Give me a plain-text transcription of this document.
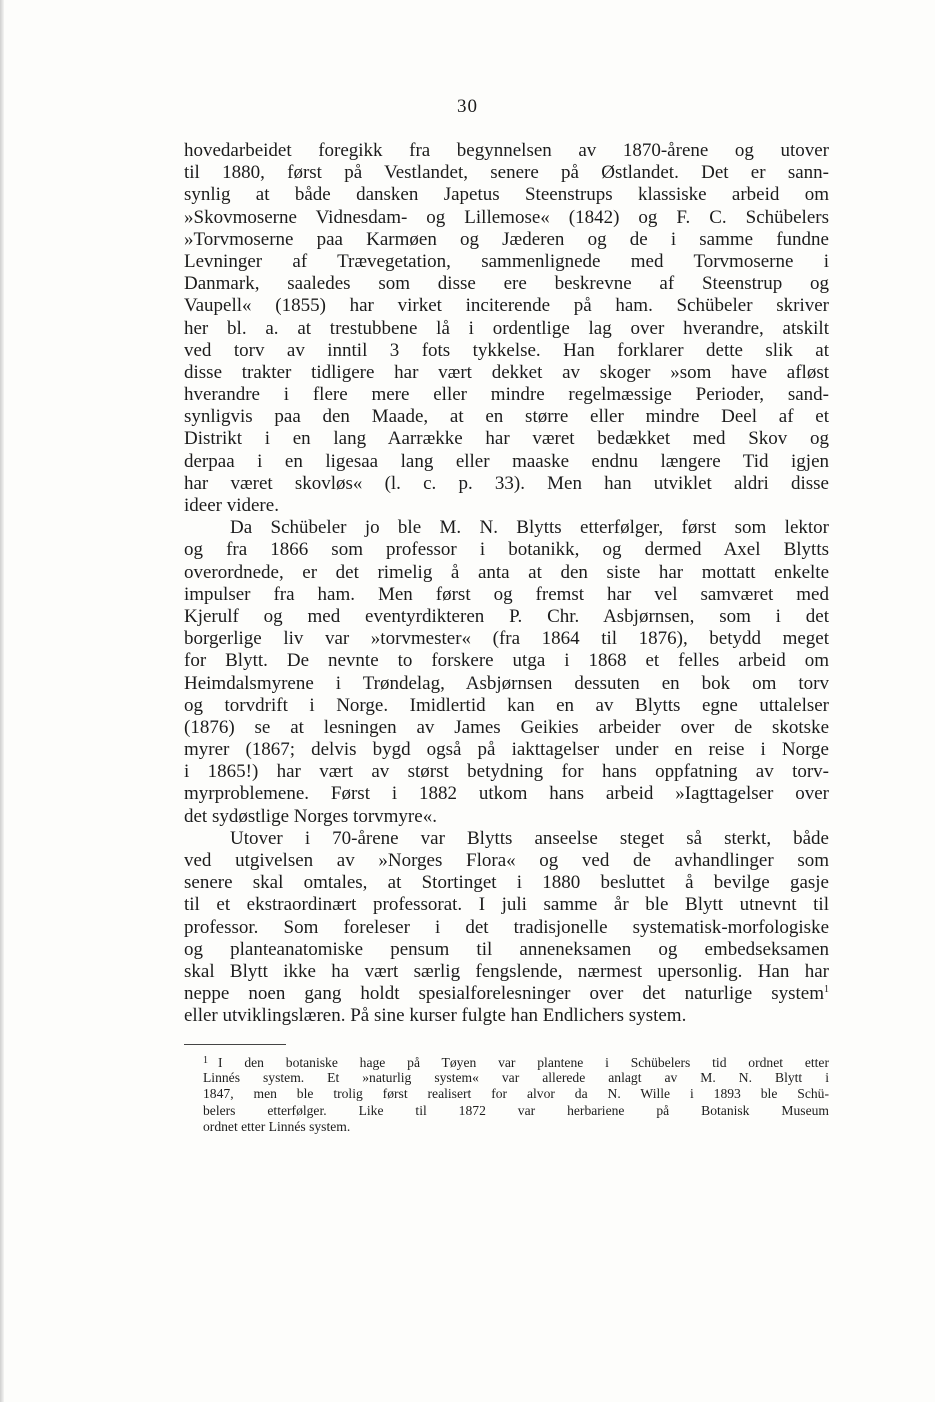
30
hovedarbeidet foregikk fra begynnelsen av 1870-årene og utover
til 1880, først på Vestlandet, senere på Østlandet. Det er sann-
synlig at både dansken Japetus Steenstrups klassiske arbeid om
»Skovmoserne Vidnesdam- og Lillemose« (1842) og F. C. Schübelers
»Torvmoserne paa Karmøen og Jæderen og de i samme fundne
Levninger af Trævegetation, sammenlignede med Torvmoserne i
Danmark, saaledes som disse ere beskrevne af Steenstrup og
Vaupell« (1855) har virket inciterende på ham. Schübeler skriver
her bl. a. at trestubbene lå i ordentlige lag over hverandre, atskilt
ved torv av inntil 3 fots tykkelse. Han forklarer dette slik at
disse trakter tidligere har vært dekket av skoger »som have afløst
hverandre i flere mere eller mindre regelmæssige Perioder, sand-
synligvis paa den Maade, at en større eller mindre Deel af et
Distrikt i en lang Aarrække har været bedækket med Skov og
derpaa i en ligesaa lang eller maaske endnu længere Tid igjen
har været skovløs« (l. c. p. 33). Men han utviklet aldri disse
ideer videre.
Da Schübeler jo ble M. N. Blytts etterfølger, først som lektor
og fra 1866 som professor i botanikk, og dermed Axel Blytts
overordnede, er det rimelig å anta at den siste har mottatt enkelte
impulser fra ham. Men først og fremst har vel samværet med
Kjerulf og med eventyrdikteren P. Chr. Asbjørnsen, som i det
borgerlige liv var »torvmester« (fra 1864 til 1876), betydd meget
for Blytt. De nevnte to forskere utga i 1868 et felles arbeid om
Heimdalsmyrene i Trøndelag, Asbjørnsen dessuten en bok om torv
og torvdrift i Norge. Imidlertid kan en av Blytts egne uttalelser
(1876) se at lesningen av James Geikies arbeider over de skotske
myrer (1867; delvis bygd også på iakttagelser under en reise i Norge
i 1865!) har vært av størst betydning for hans oppfatning av torv-
myrproblemene. Først i 1882 utkom hans arbeid »Iagttagelser over
det sydøstlige Norges torvmyre«.
Utover i 70-årene var Blytts anseelse steget så sterkt, både
ved utgivelsen av »Norges Flora« og ved de avhandlinger som
senere skal omtales, at Stortinget i 1880 besluttet å bevilge gasje
til et ekstraordinært professorat. I juli samme år ble Blytt utnevnt til
professor. Som foreleser i det tradisjonelle systematisk-morfologiske
og planteanatomiske pensum til anneneksamen og embedseksamen
skal Blytt ikke ha vært særlig fengslende, nærmest upersonlig. Han har
neppe noen gang holdt spesialforelesninger over det naturlige system$^1$
eller utviklingslæren. På sine kurser fulgte han Endlichers system.
$^1$ I den botaniske hage på Tøyen var plantene i Schübelers tid ordnet etter
Linnés system. Et »naturlig system« var allerede anlagt av M. N. Blytt i
1847, men ble trolig først realisert for alvor da N. Wille i 1893 ble Schü-
belers etterfølger. Like til 1872 var herbariene på Botanisk Museum
ordnet etter Linnés system.
